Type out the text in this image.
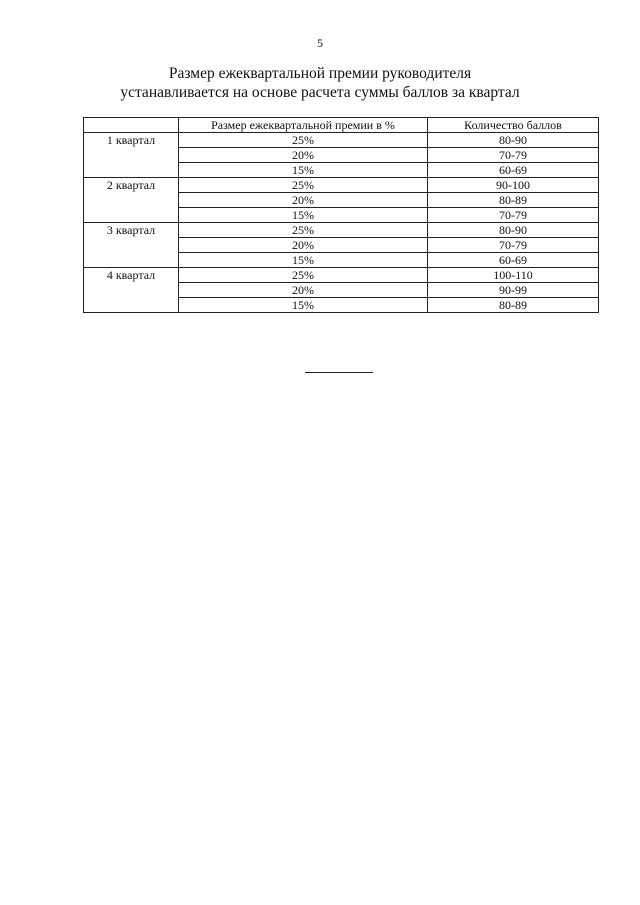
5
Размер ежеквартальной премии руководителя
устанавливается на основе расчета суммы баллов за квартал
	Размер ежеквартальной премии в %	Количество баллов
1 квартал	25%	80-90
	20%	70-79
	15%	60-69
2 квартал	25%	90-100
	20%	80-89
	15%	70-79
3 квартал	25%	80-90
	20%	70-79
	15%	60-69
4 квартал	25%	100-110
	20%	90-99
	15%	80-89
